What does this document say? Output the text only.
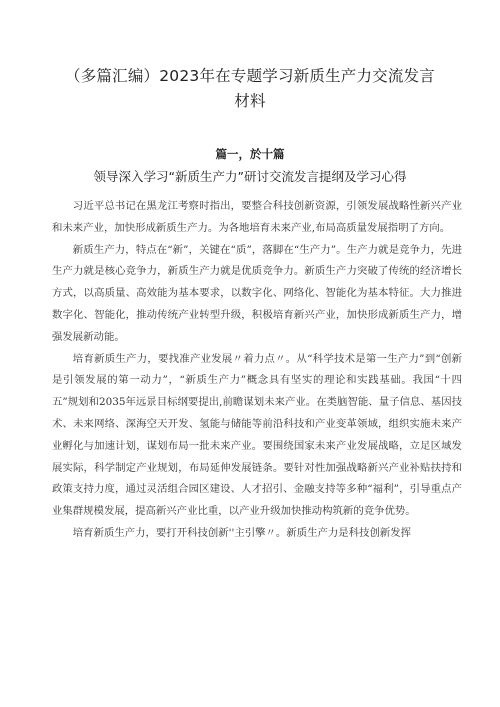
（多篇汇编）2023年在专题学习新质生产力交流发言
材料
篇一，於十篇
领导深入学习“新质生产力”研讨交流发言提纲及学习心得

习近平总书记在黑龙江考察时指出，要整合科技创新资源，引领发展战略性新兴产业和未来产业，加快形成新质生产力。为各地培育未来产业,布局高质量发展指明了方向。

新质生产力，特点在“新”，关键在“质”，落脚在“生产力”。生产力就是竞争力，先进生产力就是核心竞争力，新质生产力就是优质竞争力。新质生产力突破了传统的经济增长方式，以高质量、高效能为基本要求，以数字化、网络化、智能化为基本特征。大力推进数字化、智能化，推动传统产业转型升级，积极培育新兴产业，加快形成新质生产力，增强发展新动能。

培育新质生产力，要找准产业发展〃着力点〃。从“科学技术是第一生产力”到“创新是引领发展的第一动力”，“新质生产力”概念具有坚实的理论和实践基础。我国“十四五”规划和2035年远景目标纲要提出,前瞻谋划未来产业。在类脑智能、量子信息、基因技术、未来网络、深海空天开发、氢能与储能等前沿科技和产业变革领域，组织实施未来产业孵化与加速计划，谋划布局一批未来产业。要围绕国家未来产业发展战略，立足区域发展实际，科学制定产业规划，布局延伸发展链条。要针对性加强战略新兴产业补贴扶持和政策支持力度，通过灵活组合园区建设、人才招引、金融支持等多种“福利”，引导重点产业集群规模发展，提高新兴产业比重，以产业升级加快推动构筑新的竞争优势。

培育新质生产力，要打开科技创新''主引擎〃。新质生产力是科技创新发挥
